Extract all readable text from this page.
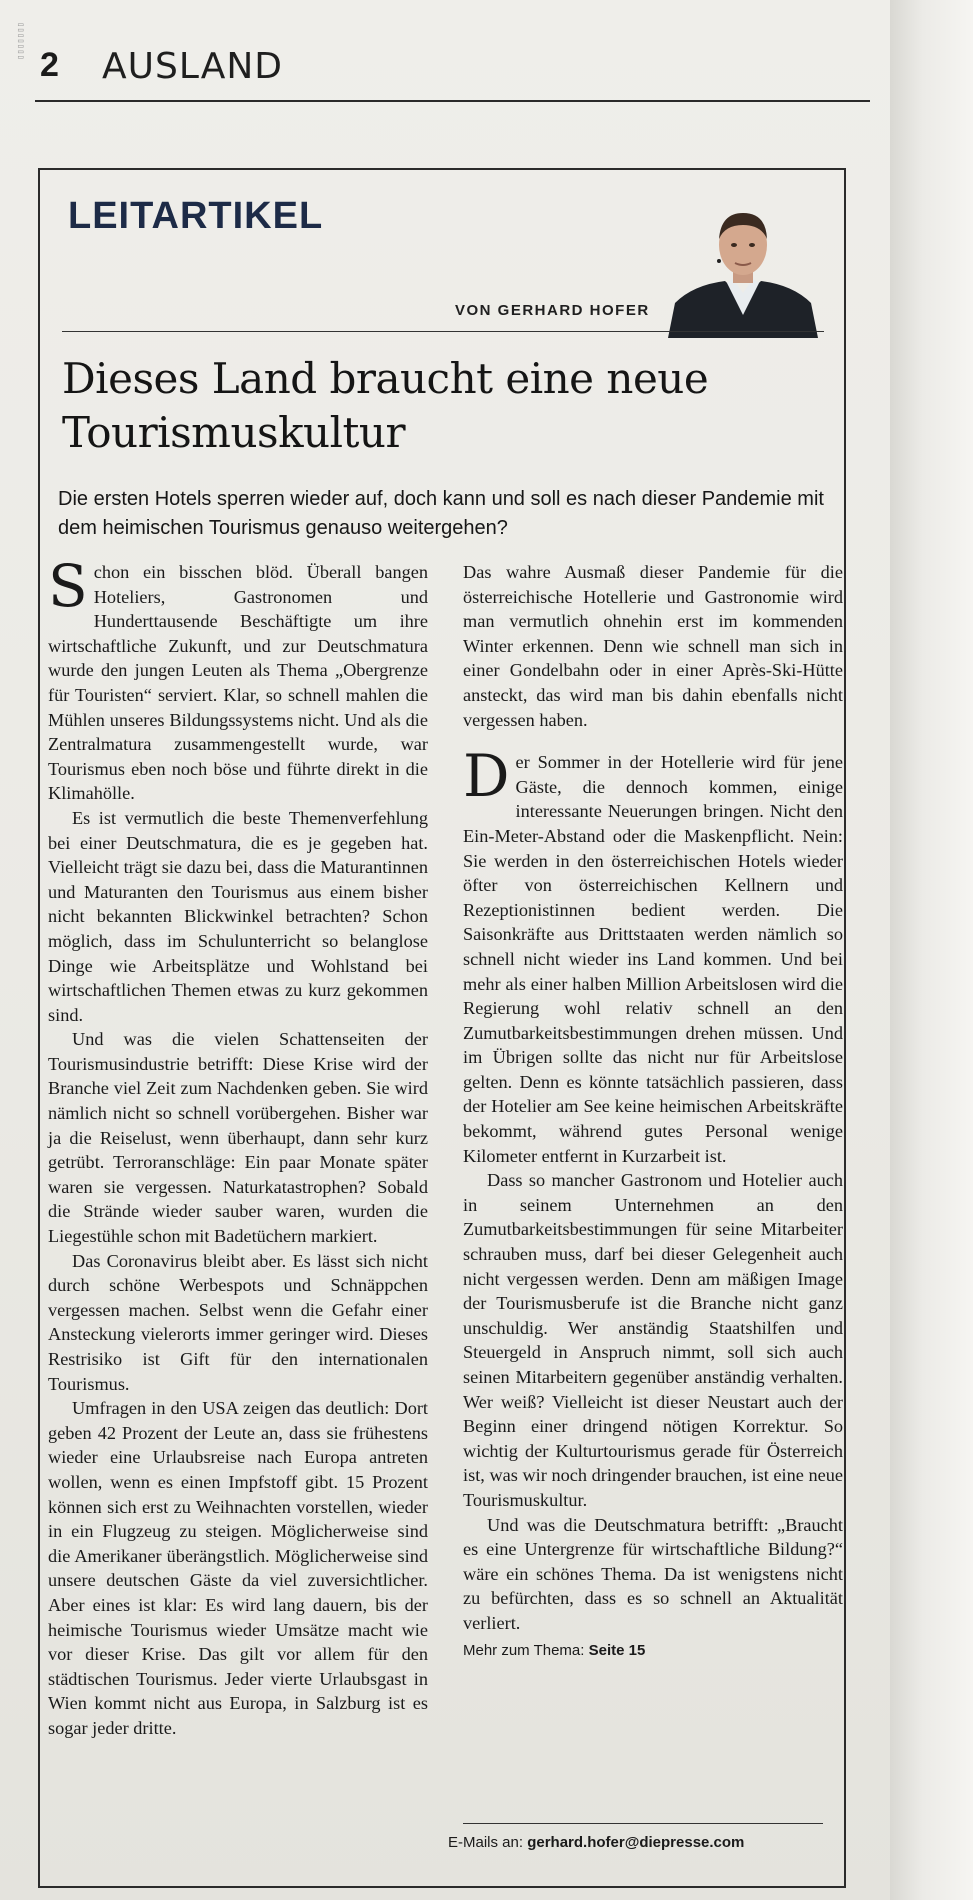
▯▯▯▯▯▯▯
2 AUSLAND
LEITARTIKEL
VON GERHARD HOFER
Dieses Land braucht eine neue Tourismuskultur
Die ersten Hotels sperren wieder auf, doch kann und soll es nach dieser Pandemie mit dem heimischen Tourismus genauso weitergehen?

Schon ein bisschen blöd. Überall bangen Hoteliers, Gastronomen und Hunderttausende Beschäftigte um ihre wirtschaftliche Zukunft, und zur Deutschmatura wurde den jungen Leuten als Thema „Obergrenze für Touristen“ serviert. Klar, so schnell mahlen die Mühlen unseres Bildungssystems nicht. Und als die Zentralmatura zusammengestellt wurde, war Tourismus eben noch böse und führte direkt in die Klimahölle.

Es ist vermutlich die beste Themenverfehlung bei einer Deutschmatura, die es je gegeben hat. Vielleicht trägt sie dazu bei, dass die Maturantinnen und Maturanten den Tourismus aus einem bisher nicht bekannten Blickwinkel betrachten? Schon möglich, dass im Schulunterricht so belanglose Dinge wie Arbeitsplätze und Wohlstand bei wirtschaftlichen Themen etwas zu kurz gekommen sind.

Und was die vielen Schattenseiten der Tourismusindustrie betrifft: Diese Krise wird der Branche viel Zeit zum Nachdenken geben. Sie wird nämlich nicht so schnell vorübergehen. Bisher war ja die Reiselust, wenn überhaupt, dann sehr kurz getrübt. Terroranschläge: Ein paar Monate später waren sie vergessen. Naturkatastrophen? Sobald die Strände wieder sauber waren, wurden die Liegestühle schon mit Badetüchern markiert.

Das Coronavirus bleibt aber. Es lässt sich nicht durch schöne Werbespots und Schnäppchen vergessen machen. Selbst wenn die Gefahr einer Ansteckung vielerorts immer geringer wird. Dieses Restrisiko ist Gift für den internationalen Tourismus.

Umfragen in den USA zeigen das deutlich: Dort geben 42 Prozent der Leute an, dass sie frühestens wieder eine Urlaubsreise nach Europa antreten wollen, wenn es einen Impfstoff gibt. 15 Prozent können sich erst zu Weihnachten vorstellen, wieder in ein Flugzeug zu steigen. Möglicherweise sind die Amerikaner überängstlich. Möglicherweise sind unsere deutschen Gäste da viel zuversichtlicher. Aber eines ist klar: Es wird lang dauern, bis der heimische Tourismus wieder Umsätze macht wie vor dieser Krise. Das gilt vor allem für den städtischen Tourismus. Jeder vierte Urlaubsgast in Wien kommt nicht aus Europa, in Salzburg ist es sogar jeder dritte.

Das wahre Ausmaß dieser Pandemie für die österreichische Hotellerie und Gastronomie wird man vermutlich ohnehin erst im kommenden Winter erkennen. Denn wie schnell man sich in einer Gondelbahn oder in einer Après-Ski-Hütte ansteckt, das wird man bis dahin ebenfalls nicht vergessen haben.

Der Sommer in der Hotellerie wird für jene Gäste, die dennoch kommen, einige interessante Neuerungen bringen. Nicht den Ein-Meter-Abstand oder die Maskenpflicht. Nein: Sie werden in den österreichischen Hotels wieder öfter von österreichischen Kellnern und Rezeptionistinnen bedient werden. Die Saisonkräfte aus Drittstaaten werden nämlich so schnell nicht wieder ins Land kommen. Und bei mehr als einer halben Million Arbeitslosen wird die Regierung wohl relativ schnell an den Zumutbarkeitsbestimmungen drehen müssen. Und im Übrigen sollte das nicht nur für Arbeitslose gelten. Denn es könnte tatsächlich passieren, dass der Hotelier am See keine heimischen Arbeitskräfte bekommt, während gutes Personal wenige Kilometer entfernt in Kurzarbeit ist.

Dass so mancher Gastronom und Hotelier auch in seinem Unternehmen an den Zumutbarkeitsbestimmungen für seine Mitarbeiter schrauben muss, darf bei dieser Gelegenheit auch nicht vergessen werden. Denn am mäßigen Image der Tourismusberufe ist die Branche nicht ganz unschuldig. Wer anständig Staatshilfen und Steuergeld in Anspruch nimmt, soll sich auch seinen Mitarbeitern gegenüber anständig verhalten. Wer weiß? Vielleicht ist dieser Neustart auch der Beginn einer dringend nötigen Korrektur. So wichtig der Kulturtourismus gerade für Österreich ist, was wir noch dringender brauchen, ist eine neue Tourismuskultur.

Und was die Deutschmatura betrifft: „Braucht es eine Untergrenze für wirtschaftliche Bildung?“ wäre ein schönes Thema. Da ist wenigstens nicht zu befürchten, dass es so schnell an Aktualität verliert.

Mehr zum Thema: Seite 15

E-Mails an: gerhard.hofer@diepresse.com
